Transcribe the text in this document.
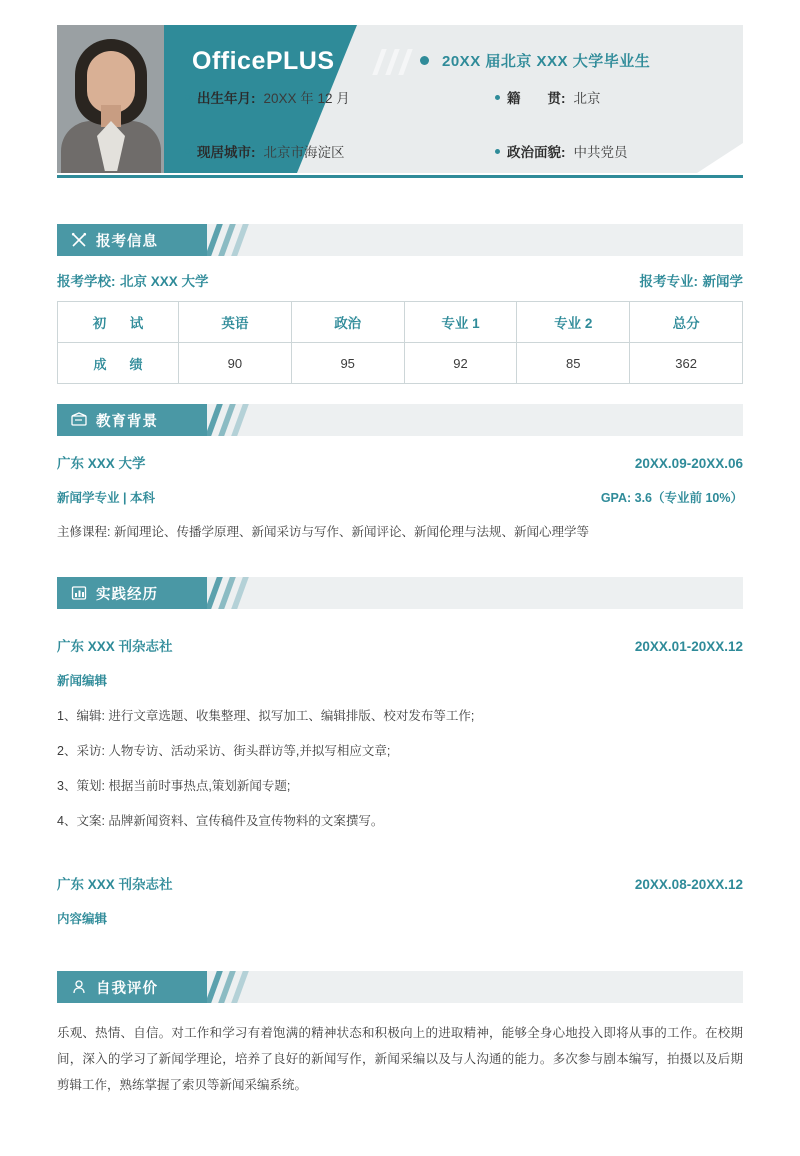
OfficePLUS	20XX 届北京 XXX 大学毕业生
出生年月: 20XX 年 12 月	籍　　贯: 北京
现居城市: 北京市海淀区	政治面貌: 中共党员
报考信息
报考学校: 北京 XXX 大学	报考专业: 新闻学
初　试	英语	政治	专业 1	专业 2	总分
成　绩	90	95	92	85	362
教育背景
广东 XXX 大学	20XX.09-20XX.06
新闻学专业 | 本科	GPA: 3.6（专业前 10%）
主修课程: 新闻理论、传播学原理、新闻采访与写作、新闻评论、新闻伦理与法规、新闻心理学等
实践经历
广东 XXX 刊杂志社	20XX.01-20XX.12
新闻编辑
1、编辑: 进行文章选题、收集整理、拟写加工、编辑排版、校对发布等工作;
2、采访: 人物专访、活动采访、街头群访等,并拟写相应文章;
3、策划: 根据当前时事热点,策划新闻专题;
4、文案: 品牌新闻资料、宣传稿件及宣传物料的文案撰写。
广东 XXX 刊杂志社	20XX.08-20XX.12
内容编辑
自我评价
乐观、热情、自信。对工作和学习有着饱满的精神状态和积极向上的进取精神，能够全身心地投入即将从事的工作。在校期间，深入的学习了新闻学理论，培养了良好的新闻写作，新闻采编以及与人沟通的能力。多次参与剧本编写，拍摄以及后期剪辑工作，熟练掌握了索贝等新闻采编系统。
